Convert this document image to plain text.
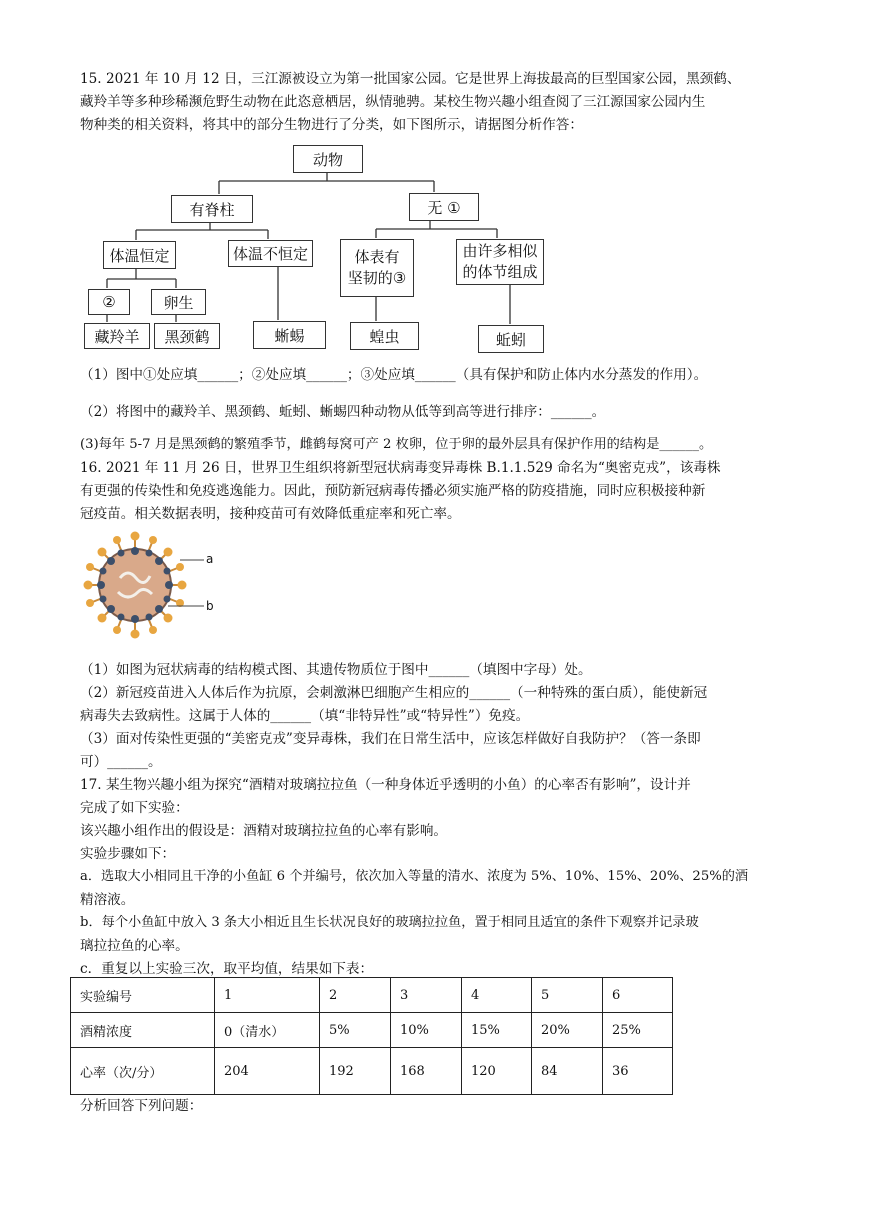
15. 2021 年 10 月 12 日，三江源被设立为第一批国家公园。它是世界上海拔最高的巨型国家公园，黑颈鹤、
藏羚羊等多种珍稀濒危野生动物在此恣意栖居，纵情驰骋。某校生物兴趣小组查阅了三江源国家公园内生
物种类的相关资料，将其中的部分生物进行了分类，如下图所示，请据图分析作答：
动物
有脊柱	无 ①
体温恒定	体温不恒定	体表有
坚韧的③
由许多相似
的体节组成
②	卵生
藏羚羊	黑颈鹤	蜥蜴	蝗虫	蚯蚓
（1）图中①处应填______；②处应填______；③处应填______（具有保护和防止体内水分蒸发的作用）。
（2）将图中的藏羚羊、黑颈鹤、蚯蚓、蜥蜴四种动物从低等到高等进行排序：______。
(3)每年 5-7 月是黑颈鹤的繁殖季节，雌鹤每窝可产 2 枚卵，位于卵的最外层具有保护作用的结构是______。
16. 2021 年 11 月 26 日，世界卫生组织将新型冠状病毒变异毒株 B.1.1.529 命名为“奥密克戎”，该毒株
有更强的传染性和免疫逃逸能力。因此，预防新冠病毒传播必须实施严格的防疫措施，同时应积极接种新
冠疫苗。相关数据表明，接种疫苗可有效降低重症率和死亡率。
a
b
（1）如图为冠状病毒的结构模式图、其遗传物质位于图中______（填图中字母）处。
（2）新冠疫苗进入人体后作为抗原，会刺激淋巴细胞产生相应的______（一种特殊的蛋白质），能使新冠
病毒失去致病性。这属于人体的______（填“非特异性”或“特异性”）免疫。
（3）面对传染性更强的“美密克戎”变异毒株，我们在日常生活中，应该怎样做好自我防护？（答一条即
可）______。
17. 某生物兴趣小组为探究“酒精对玻璃拉拉鱼（一种身体近乎透明的小鱼）的心率否有影响”，设计并
完成了如下实验：
该兴趣小组作出的假设是：酒精对玻璃拉拉鱼的心率有影响。
实验步骤如下：
a．选取大小相同且干净的小鱼缸 6 个并编号，依次加入等量的清水、浓度为 5%、10%、15%、20%、25%的酒
精溶液。
b．每个小鱼缸中放入 3 条大小相近且生长状况良好的玻璃拉拉鱼，置于相同且适宜的条件下观察并记录玻
璃拉拉鱼的心率。
c．重复以上实验三次，取平均值，结果如下表：
实验编号	1	2	3	4	5	6
酒精浓度	0（清水）	5%	10%	15%	20%	25%
心率（次/分）	204	192	168	120	84	36
分析回答下列问题：
